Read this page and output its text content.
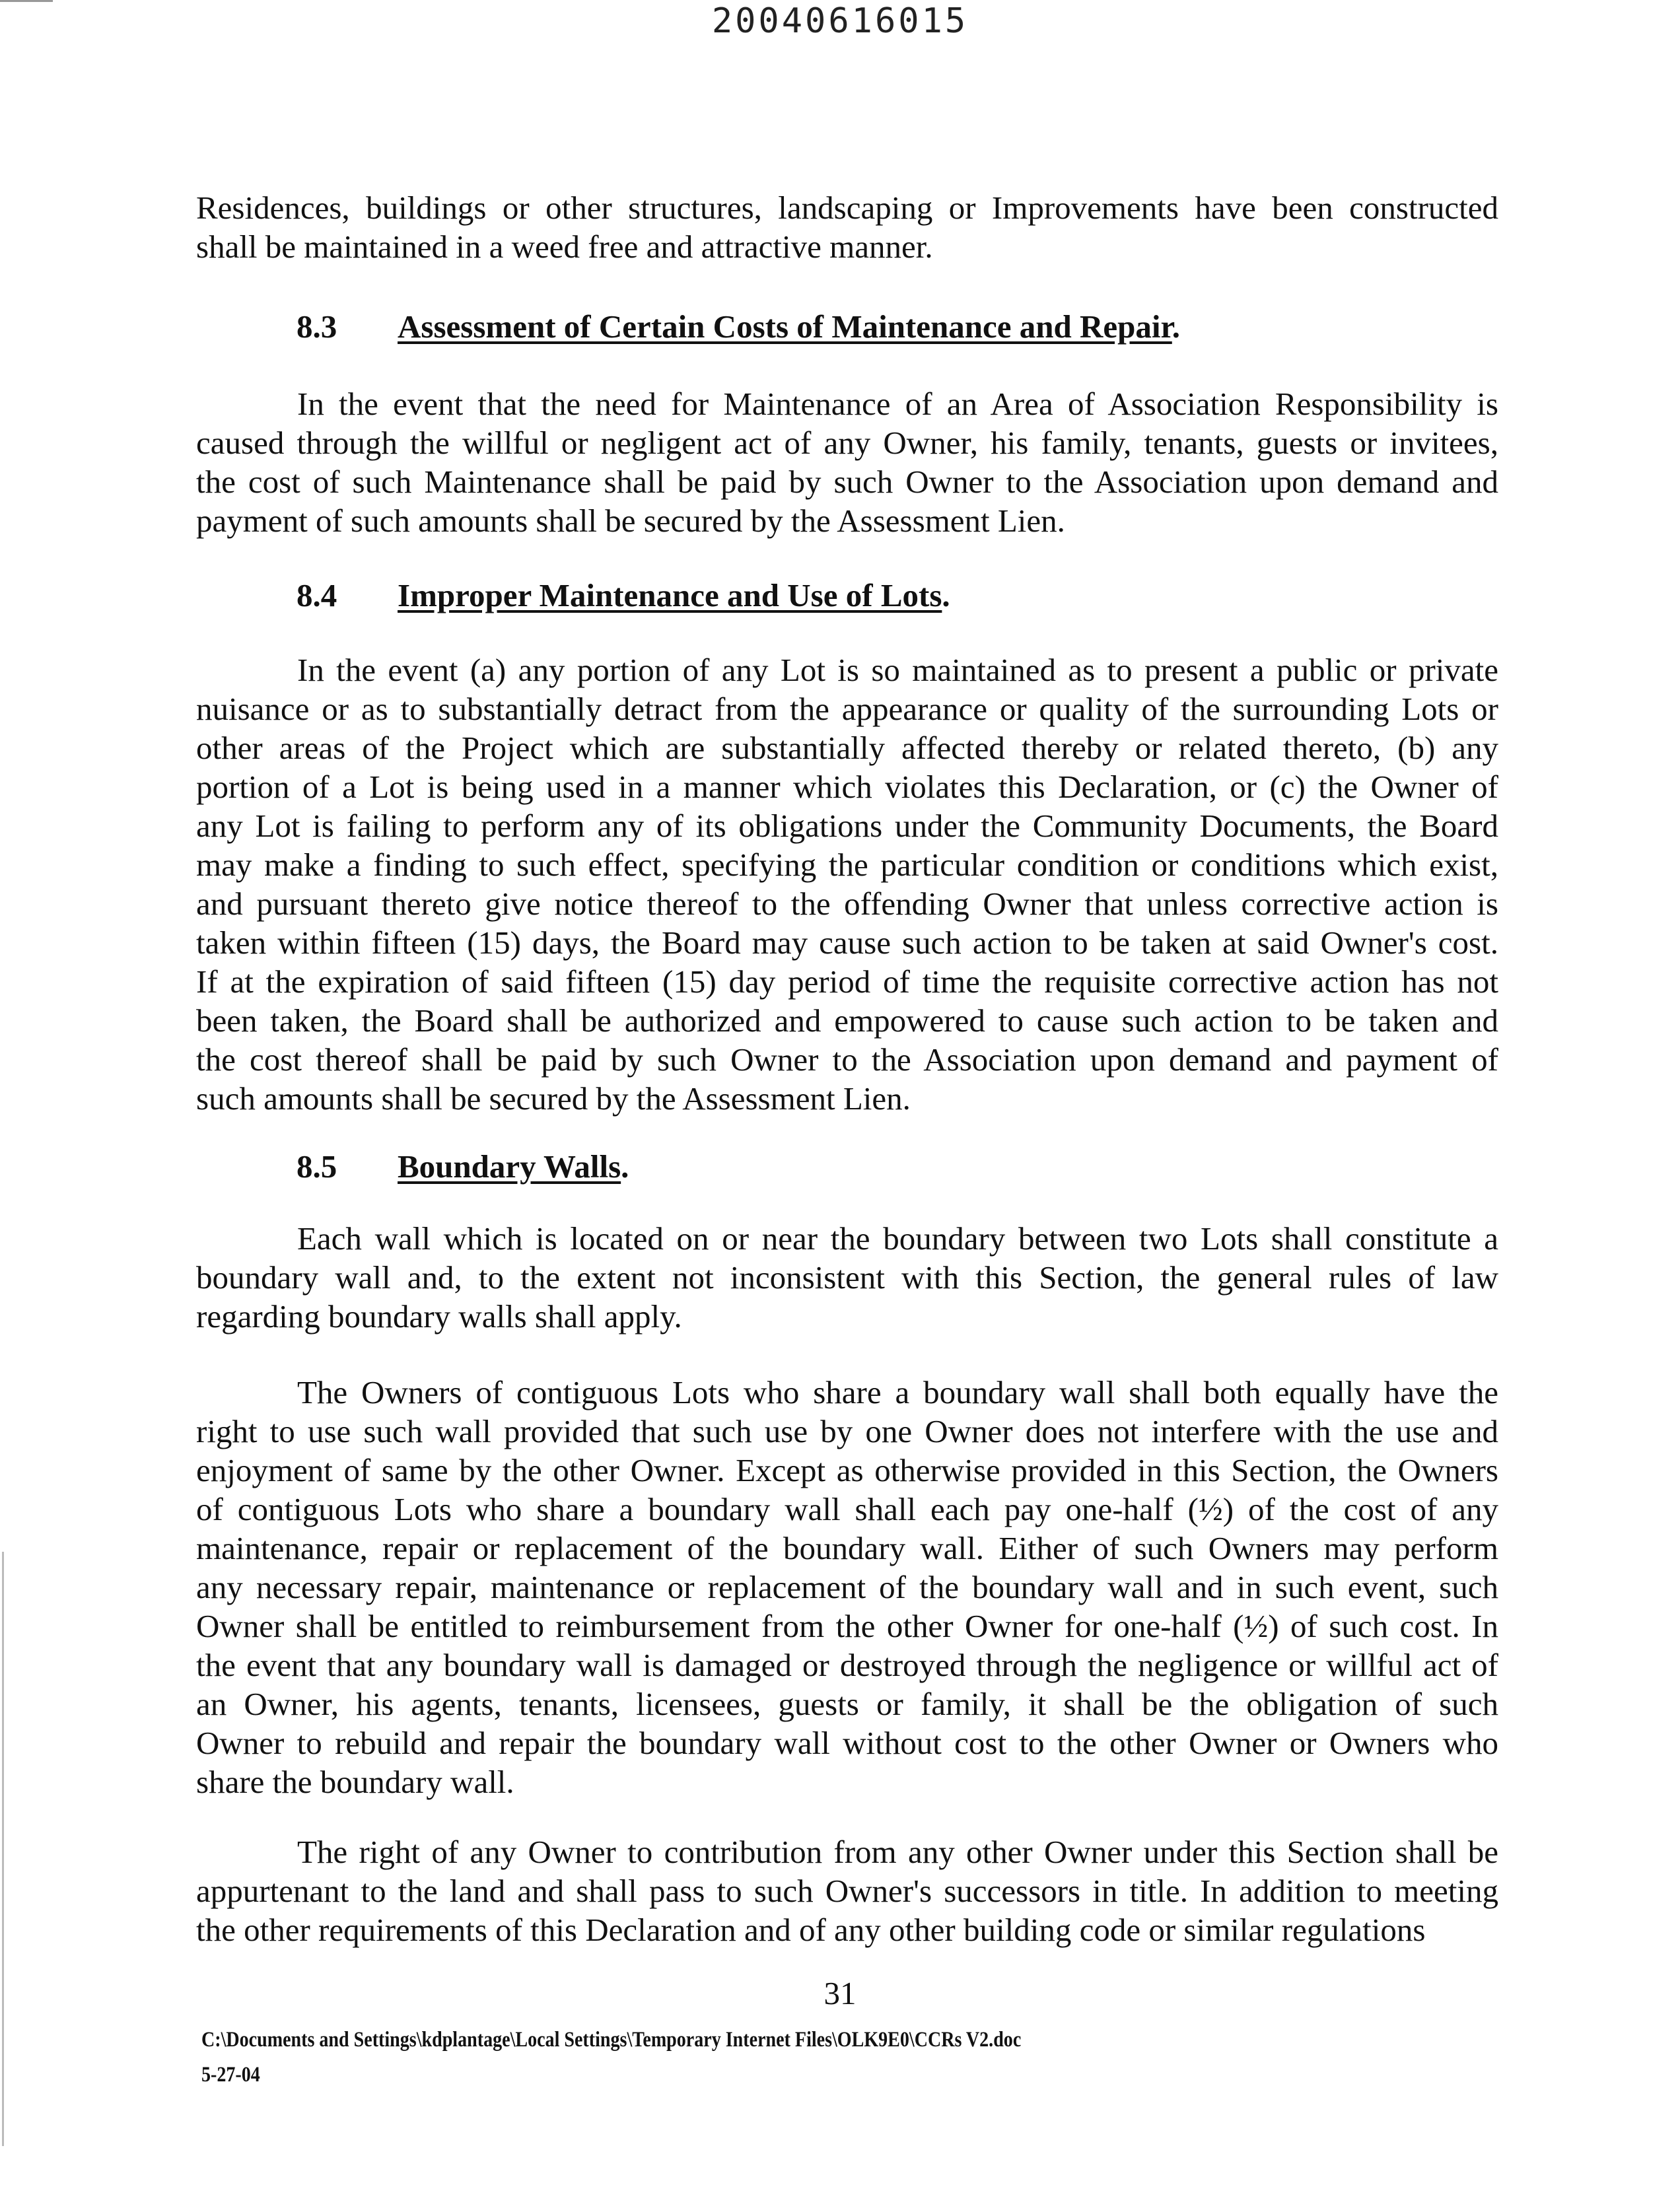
20040616015
Residences, buildings or other structures, landscaping or Improvements have been constructed
shall be maintained in a weed free and attractive manner.
8.3 Assessment of Certain Costs of Maintenance and Repair.
In the event that the need for Maintenance of an Area of Association Responsibility is
caused through the willful or negligent act of any Owner, his family, tenants, guests or invitees,
the cost of such Maintenance shall be paid by such Owner to the Association upon demand and
payment of such amounts shall be secured by the Assessment Lien.
8.4 Improper Maintenance and Use of Lots.
In the event (a) any portion of any Lot is so maintained as to present a public or private
nuisance or as to substantially detract from the appearance or quality of the surrounding Lots or
other areas of the Project which are substantially affected thereby or related thereto, (b) any
portion of a Lot is being used in a manner which violates this Declaration, or (c) the Owner of
any Lot is failing to perform any of its obligations under the Community Documents, the Board
may make a finding to such effect, specifying the particular condition or conditions which exist,
and pursuant thereto give notice thereof to the offending Owner that unless corrective action is
taken within fifteen (15) days, the Board may cause such action to be taken at said Owner's cost.
If at the expiration of said fifteen (15) day period of time the requisite corrective action has not
been taken, the Board shall be authorized and empowered to cause such action to be taken and
the cost thereof shall be paid by such Owner to the Association upon demand and payment of
such amounts shall be secured by the Assessment Lien.
8.5 Boundary Walls.
Each wall which is located on or near the boundary between two Lots shall constitute a
boundary wall and, to the extent not inconsistent with this Section, the general rules of law
regarding boundary walls shall apply.
The Owners of contiguous Lots who share a boundary wall shall both equally have the
right to use such wall provided that such use by one Owner does not interfere with the use and
enjoyment of same by the other Owner. Except as otherwise provided in this Section, the Owners
of contiguous Lots who share a boundary wall shall each pay one-half (½) of the cost of any
maintenance, repair or replacement of the boundary wall. Either of such Owners may perform
any necessary repair, maintenance or replacement of the boundary wall and in such event, such
Owner shall be entitled to reimbursement from the other Owner for one-half (½) of such cost. In
the event that any boundary wall is damaged or destroyed through the negligence or willful act of
an Owner, his agents, tenants, licensees, guests or family, it shall be the obligation of such
Owner to rebuild and repair the boundary wall without cost to the other Owner or Owners who
share the boundary wall.
The right of any Owner to contribution from any other Owner under this Section shall be
appurtenant to the land and shall pass to such Owner's successors in title. In addition to meeting
the other requirements of this Declaration and of any other building code or similar regulations
31
C:\Documents and Settings\kdplantage\Local Settings\Temporary Internet Files\OLK9E0\CCRs V2.doc
5-27-04
